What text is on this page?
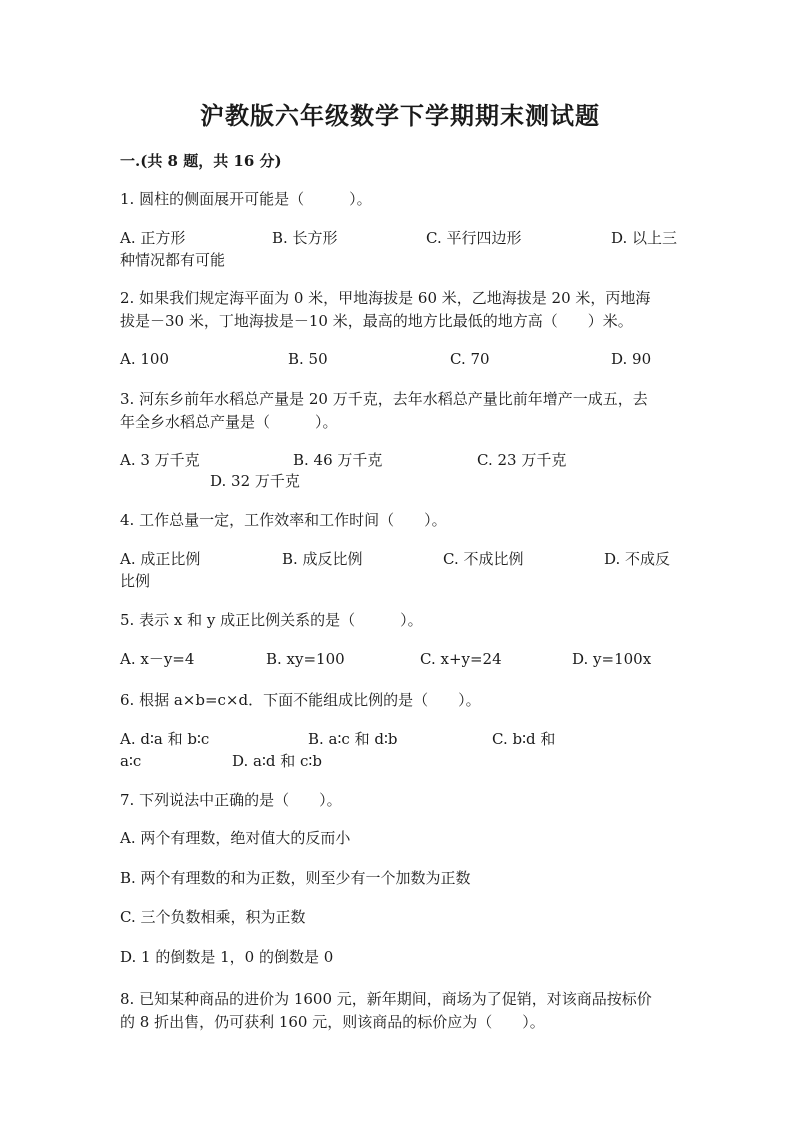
沪教版六年级数学下学期期末测试题
一.(共 8 题，共 16 分)
1. 圆柱的侧面展开可能是（　　　）。
A. 正方形	B. 长方形	C. 平行四边形	D. 以上三
种情况都有可能
2. 如果我们规定海平面为 0 米，甲地海拔是 60 米，乙地海拔是 20 米，丙地海
拔是－30 米，丁地海拔是－10 米，最高的地方比最低的地方高（　　）米。
A. 100	B. 50	C. 70	D. 90
3. 河东乡前年水稻总产量是 20 万千克，去年水稻总产量比前年增产一成五，去
年全乡水稻总产量是（　　　）。
A. 3 万千克	B. 46 万千克	C. 23 万千克
D. 32 万千克
4. 工作总量一定，工作效率和工作时间（　　）。
A. 成正比例	B. 成反比例	C. 不成比例	D. 不成反
比例
5. 表示 x 和 y 成正比例关系的是（　　　）。
A. x－y=4	B. xy=100	C. x+y=24	D. y=100x
6. 根据 a×b=c×d．下面不能组成比例的是（　　）。
A. d∶a 和 b∶c	B. a∶c 和 d∶b	C. b∶d 和
a∶c	D. a∶d 和 c∶b
7. 下列说法中正确的是（　　）。
A. 两个有理数，绝对值大的反而小
B. 两个有理数的和为正数，则至少有一个加数为正数
C. 三个负数相乘，积为正数
D. 1 的倒数是 1，0 的倒数是 0
8. 已知某种商品的进价为 1600 元，新年期间，商场为了促销，对该商品按标价
的 8 折出售，仍可获利 160 元，则该商品的标价应为（　　）。
